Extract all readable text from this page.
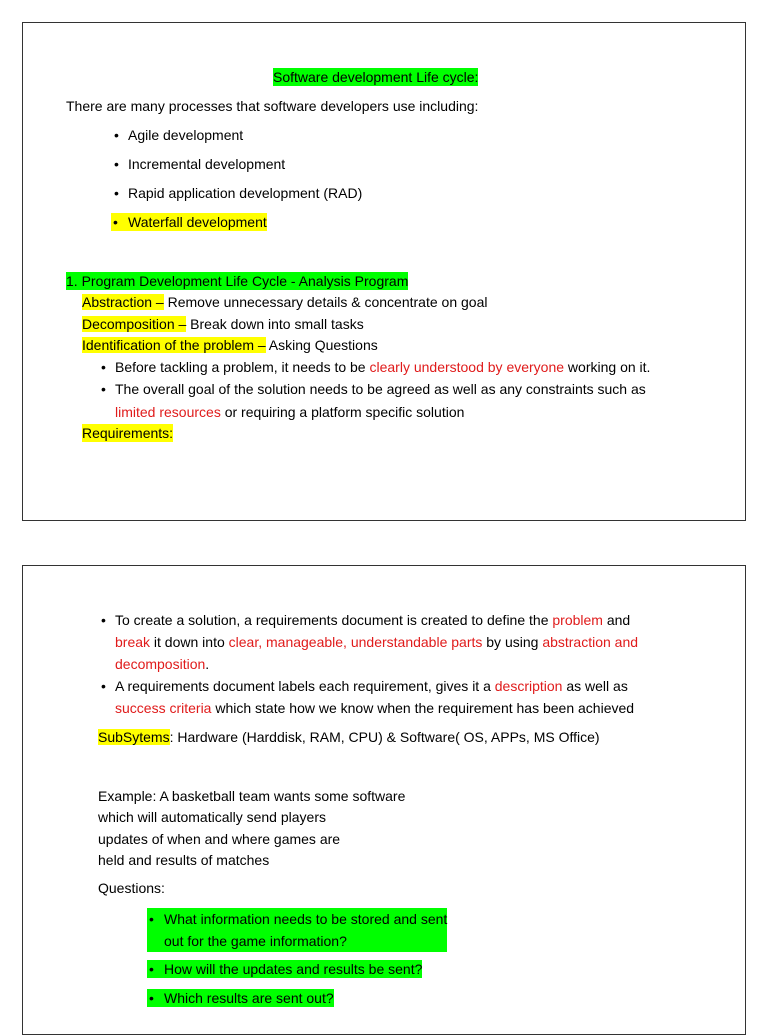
Software development Life cycle:
There are many processes that software developers use including:
• Agile development
• Incremental development
• Rapid application development (RAD)
• Waterfall development
1. Program Development Life Cycle - Analysis Program
Abstraction – Remove unnecessary details & concentrate on goal
Decomposition – Break down into small tasks
Identification of the problem – Asking Questions
• Before tackling a problem, it needs to be clearly understood by everyone working on it.
• The overall goal of the solution needs to be agreed as well as any constraints such as
limited resources or requiring a platform specific solution
Requirements:
• To create a solution, a requirements document is created to define the problem and
break it down into clear, manageable, understandable parts by using abstraction and
decomposition.
• A requirements document labels each requirement, gives it a description as well as
success criteria which state how we know when the requirement has been achieved
SubSytems: Hardware (Harddisk, RAM, CPU) & Software( OS, APPs, MS Office)
Example: A basketball team wants some software
which will automatically send players
updates of when and where games are
held and results of matches
Questions:
• What information needs to be stored and sent
out for the game information?
• How will the updates and results be sent?
• Which results are sent out?
